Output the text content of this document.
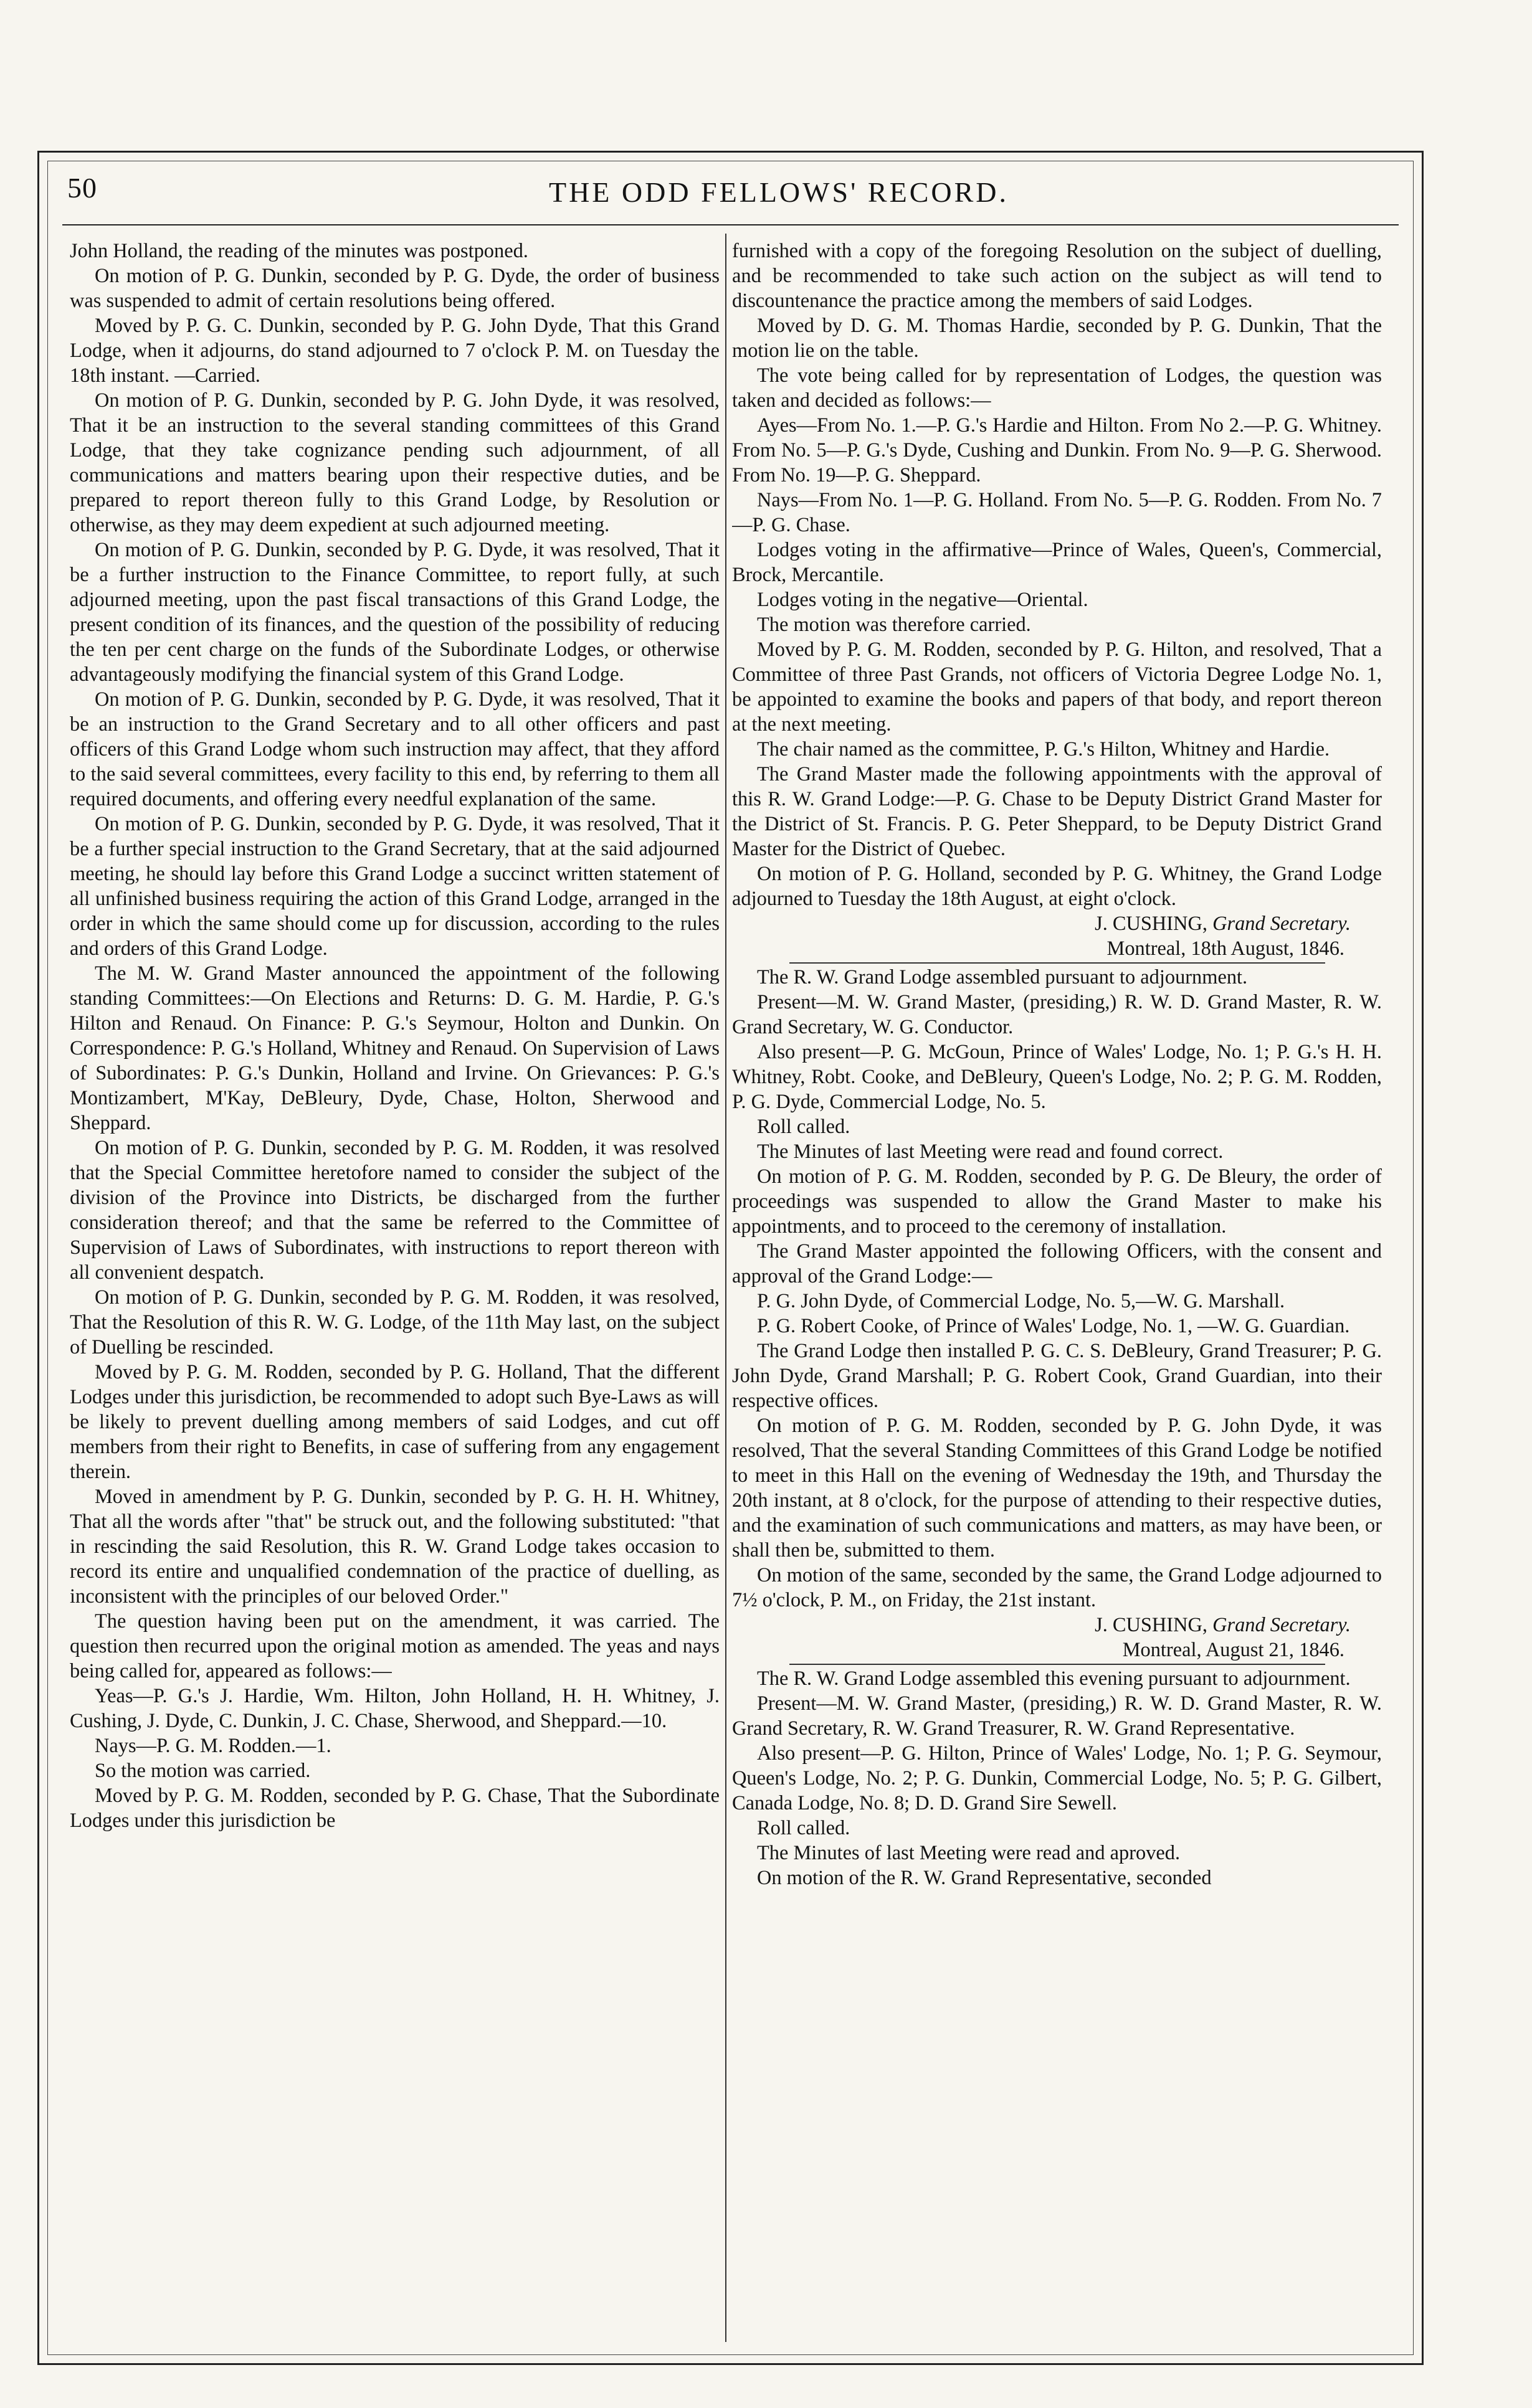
50	THE ODD FELLOWS' RECORD.

John Holland, the reading of the minutes was postponed.

On motion of P. G. Dunkin, seconded by P. G. Dyde, the order of business was suspended to admit of certain resolutions being offered.

Moved by P. G. C. Dunkin, seconded by P. G. John Dyde, That this Grand Lodge, when it adjourns, do stand adjourned to 7 o'clock P. M. on Tuesday the 18th instant. —Carried.

On motion of P. G. Dunkin, seconded by P. G. John Dyde, it was resolved, That it be an instruction to the several standing committees of this Grand Lodge, that they take cognizance pending such adjournment, of all communications and matters bearing upon their respective duties, and be prepared to report thereon fully to this Grand Lodge, by Resolution or otherwise, as they may deem expedient at such adjourned meeting.

On motion of P. G. Dunkin, seconded by P. G. Dyde, it was resolved, That it be a further instruction to the Finance Committee, to report fully, at such adjourned meeting, upon the past fiscal transactions of this Grand Lodge, the present condition of its finances, and the question of the possibility of reducing the ten per cent charge on the funds of the Subordinate Lodges, or otherwise advantageously modifying the financial system of this Grand Lodge.

On motion of P. G. Dunkin, seconded by P. G. Dyde, it was resolved, That it be an instruction to the Grand Secretary and to all other officers and past officers of this Grand Lodge whom such instruction may affect, that they afford to the said several committees, every facility to this end, by referring to them all required documents, and offering every needful explanation of the same.

On motion of P. G. Dunkin, seconded by P. G. Dyde, it was resolved, That it be a further special instruction to the Grand Secretary, that at the said adjourned meeting, he should lay before this Grand Lodge a succinct written statement of all unfinished business requiring the action of this Grand Lodge, arranged in the order in which the same should come up for discussion, according to the rules and orders of this Grand Lodge.

The M. W. Grand Master announced the appointment of the following standing Committees:—On Elections and Returns: D. G. M. Hardie, P. G.'s Hilton and Renaud. On Finance: P. G.'s Seymour, Holton and Dunkin. On Correspondence: P. G.'s Holland, Whitney and Renaud. On Supervision of Laws of Subordinates: P. G.'s Dunkin, Holland and Irvine. On Grievances: P. G.'s Montizambert, M'Kay, DeBleury, Dyde, Chase, Holton, Sherwood and Sheppard.

On motion of P. G. Dunkin, seconded by P. G. M. Rodden, it was resolved that the Special Committee heretofore named to consider the subject of the division of the Province into Districts, be discharged from the further consideration thereof; and that the same be referred to the Committee of Supervision of Laws of Subordinates, with instructions to report thereon with all convenient despatch.

On motion of P. G. Dunkin, seconded by P. G. M. Rodden, it was resolved, That the Resolution of this R. W. G. Lodge, of the 11th May last, on the subject of Duelling be rescinded.

Moved by P. G. M. Rodden, seconded by P. G. Holland, That the different Lodges under this jurisdiction, be recommended to adopt such Bye-Laws as will be likely to prevent duelling among members of said Lodges, and cut off members from their right to Benefits, in case of suffering from any engagement therein.

Moved in amendment by P. G. Dunkin, seconded by P. G. H. H. Whitney, That all the words after "that" be struck out, and the following substituted: "that in rescinding the said Resolution, this R. W. Grand Lodge takes occasion to record its entire and unqualified condemnation of the practice of duelling, as inconsistent with the principles of our beloved Order."

The question having been put on the amendment, it was carried. The question then recurred upon the original motion as amended. The yeas and nays being called for, appeared as follows:—

Yeas—P. G.'s J. Hardie, Wm. Hilton, John Holland, H. H. Whitney, J. Cushing, J. Dyde, C. Dunkin, J. C. Chase, Sherwood, and Sheppard.—10.

Nays—P. G. M. Rodden.—1.

So the motion was carried.

Moved by P. G. M. Rodden, seconded by P. G. Chase, That the Subordinate Lodges under this jurisdiction be

furnished with a copy of the foregoing Resolution on the subject of duelling, and be recommended to take such action on the subject as will tend to discountenance the practice among the members of said Lodges.

Moved by D. G. M. Thomas Hardie, seconded by P. G. Dunkin, That the motion lie on the table.

The vote being called for by representation of Lodges, the question was taken and decided as follows:—

Ayes—From No. 1.—P. G.'s Hardie and Hilton. From No 2.—P. G. Whitney. From No. 5—P. G.'s Dyde, Cushing and Dunkin. From No. 9—P. G. Sherwood. From No. 19—P. G. Sheppard.

Nays—From No. 1—P. G. Holland. From No. 5—P. G. Rodden. From No. 7—P. G. Chase.

Lodges voting in the affirmative—Prince of Wales, Queen's, Commercial, Brock, Mercantile.

Lodges voting in the negative—Oriental.

The motion was therefore carried.

Moved by P. G. M. Rodden, seconded by P. G. Hilton, and resolved, That a Committee of three Past Grands, not officers of Victoria Degree Lodge No. 1, be appointed to examine the books and papers of that body, and report thereon at the next meeting.

The chair named as the committee, P. G.'s Hilton, Whitney and Hardie.

The Grand Master made the following appointments with the approval of this R. W. Grand Lodge:—P. G. Chase to be Deputy District Grand Master for the District of St. Francis. P. G. Peter Sheppard, to be Deputy District Grand Master for the District of Quebec.

On motion of P. G. Holland, seconded by P. G. Whitney, the Grand Lodge adjourned to Tuesday the 18th August, at eight o'clock.

J. CUSHING, Grand Secretary.
Montreal, 18th August, 1846.

The R. W. Grand Lodge assembled pursuant to adjournment.

Present—M. W. Grand Master, (presiding,) R. W. D. Grand Master, R. W. Grand Secretary, W. G. Conductor.

Also present—P. G. McGoun, Prince of Wales' Lodge, No. 1; P. G.'s H. H. Whitney, Robt. Cooke, and DeBleury, Queen's Lodge, No. 2; P. G. M. Rodden, P. G. Dyde, Commercial Lodge, No. 5.

Roll called.

The Minutes of last Meeting were read and found correct.

On motion of P. G. M. Rodden, seconded by P. G. De Bleury, the order of proceedings was suspended to allow the Grand Master to make his appointments, and to proceed to the ceremony of installation.

The Grand Master appointed the following Officers, with the consent and approval of the Grand Lodge:—

P. G. John Dyde, of Commercial Lodge, No. 5,—W. G. Marshall.

P. G. Robert Cooke, of Prince of Wales' Lodge, No. 1, —W. G. Guardian.

The Grand Lodge then installed P. G. C. S. DeBleury, Grand Treasurer; P. G. John Dyde, Grand Marshall; P. G. Robert Cook, Grand Guardian, into their respective offices.

On motion of P. G. M. Rodden, seconded by P. G. John Dyde, it was resolved, That the several Standing Committees of this Grand Lodge be notified to meet in this Hall on the evening of Wednesday the 19th, and Thursday the 20th instant, at 8 o'clock, for the purpose of attending to their respective duties, and the examination of such communications and matters, as may have been, or shall then be, submitted to them.

On motion of the same, seconded by the same, the Grand Lodge adjourned to 7½ o'clock, P. M., on Friday, the 21st instant.

J. CUSHING, Grand Secretary.
Montreal, August 21, 1846.

The R. W. Grand Lodge assembled this evening pursuant to adjournment.

Present—M. W. Grand Master, (presiding,) R. W. D. Grand Master, R. W. Grand Secretary, R. W. Grand Treasurer, R. W. Grand Representative.

Also present—P. G. Hilton, Prince of Wales' Lodge, No. 1; P. G. Seymour, Queen's Lodge, No. 2; P. G. Dunkin, Commercial Lodge, No. 5; P. G. Gilbert, Canada Lodge, No. 8; D. D. Grand Sire Sewell.

Roll called.

The Minutes of last Meeting were read and aproved.

On motion of the R. W. Grand Representative, seconded
